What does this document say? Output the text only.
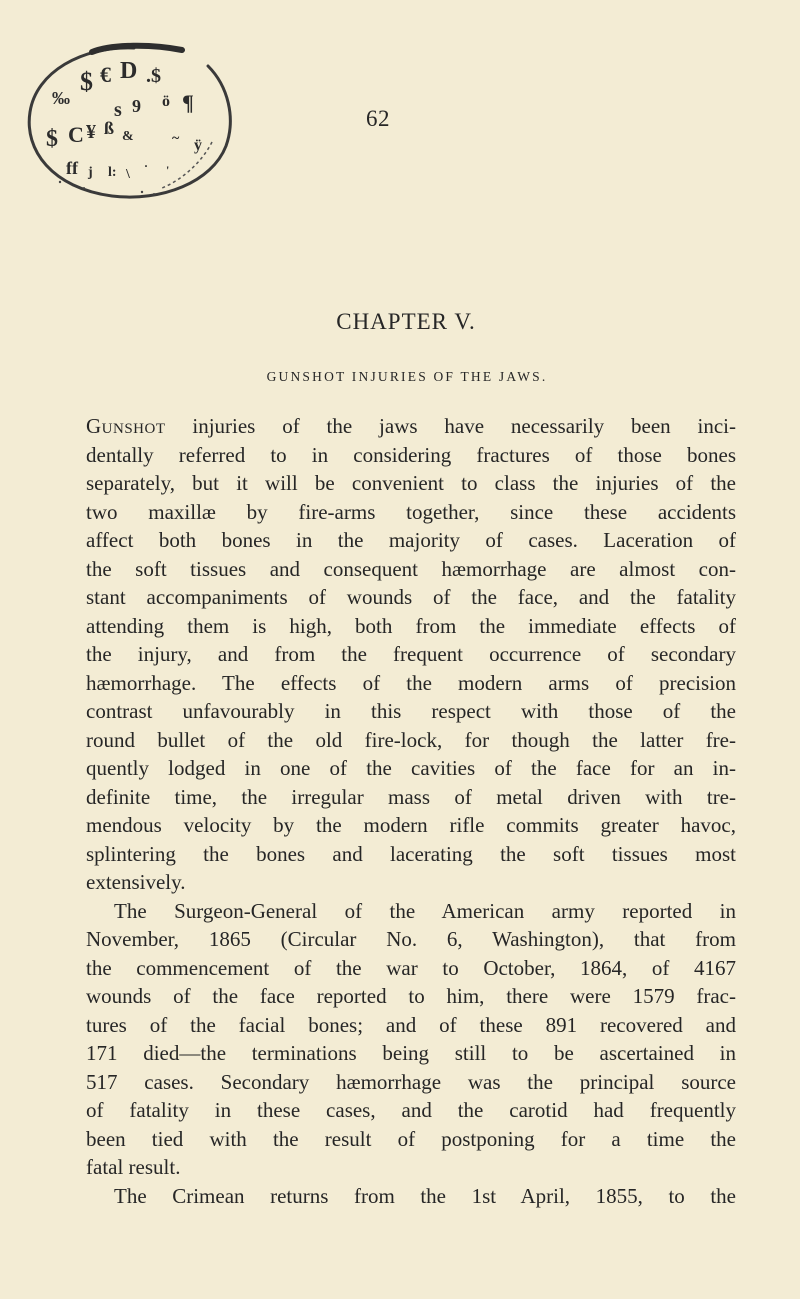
$ € D .$
‰
s 9 ö ¶
$ C ¥ ß &	~ ÿ
ff j l: \
· '
62
CHAPTER V.
GUNSHOT INJURIES OF THE JAWS.
Gunshot injuries of the jaws have necessarily been inci-
dentally referred to in considering fractures of those bones
separately, but it will be convenient to class the injuries of the
two maxillæ by fire-arms together, since these accidents
affect both bones in the majority of cases. Laceration of
the soft tissues and consequent hæmorrhage are almost con-
stant accompaniments of wounds of the face, and the fatality
attending them is high, both from the immediate effects of
the injury, and from the frequent occurrence of secondary
hæmorrhage. The effects of the modern arms of precision
contrast unfavourably in this respect with those of the
round bullet of the old fire-lock, for though the latter fre-
quently lodged in one of the cavities of the face for an in-
definite time, the irregular mass of metal driven with tre-
mendous velocity by the modern rifle commits greater havoc,
splintering the bones and lacerating the soft tissues most
extensively.
The Surgeon-General of the American army reported in
November, 1865 (Circular No. 6, Washington), that from
the commencement of the war to October, 1864, of 4167
wounds of the face reported to him, there were 1579 frac-
tures of the facial bones; and of these 891 recovered and
171 died—the terminations being still to be ascertained in
517 cases. Secondary hæmorrhage was the principal source
of fatality in these cases, and the carotid had frequently
been tied with the result of postponing for a time the
fatal result.
The Crimean returns from the 1st April, 1855, to the
